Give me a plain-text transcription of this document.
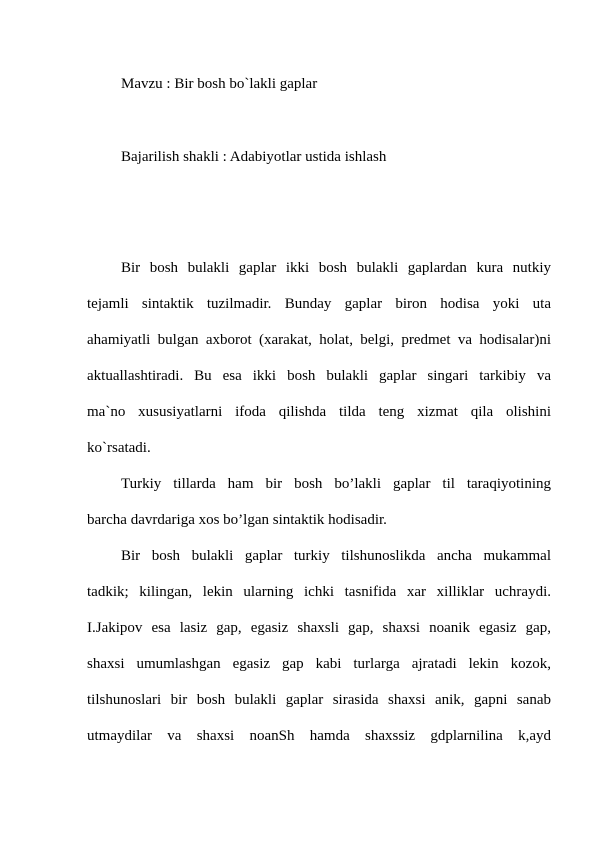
Mavzu : Bir bosh bo`lakli gaplar
Bajarilish shakli : Adabiyotlar ustida ishlash
Bir bosh bulakli gaplar ikki bosh bulakli gaplardan kura nutkiy
tejamli sintaktik tuzilmadir. Bunday gaplar biron hodisa yoki uta
ahamiyatli bulgan axborot (xarakat, holat, belgi, predmet va hodisalar)ni
aktuallashtiradi. Bu esa ikki bosh bulakli gaplar singari tarkibiy va
ma`no xususiyatlarni ifoda qilishda tilda teng xizmat qila olishini
ko`rsatadi.
Turkiy tillarda ham bir bosh bo’lakli gaplar til taraqiyotining
barcha davrdariga xos bo’lgan sintaktik hodisadir.
Bir bosh bulakli gaplar turkiy tilshunoslikda ancha mukammal
tadkik; kilingan, lekin ularning ichki tasnifida xar xilliklar uchraydi.
I.Jakipov esa lasiz gap, egasiz shaxsli gap, shaxsi noanik egasiz gap,
shaxsi umumlashgan egasiz gap kabi turlarga ajratadi lekin kozok,
tilshunoslari bir bosh bulakli gaplar sirasida shaxsi anik, gapni sanab
utmaydilar va shaxsi noanSh hamda shaxssiz gdplarnilina k,ayd
